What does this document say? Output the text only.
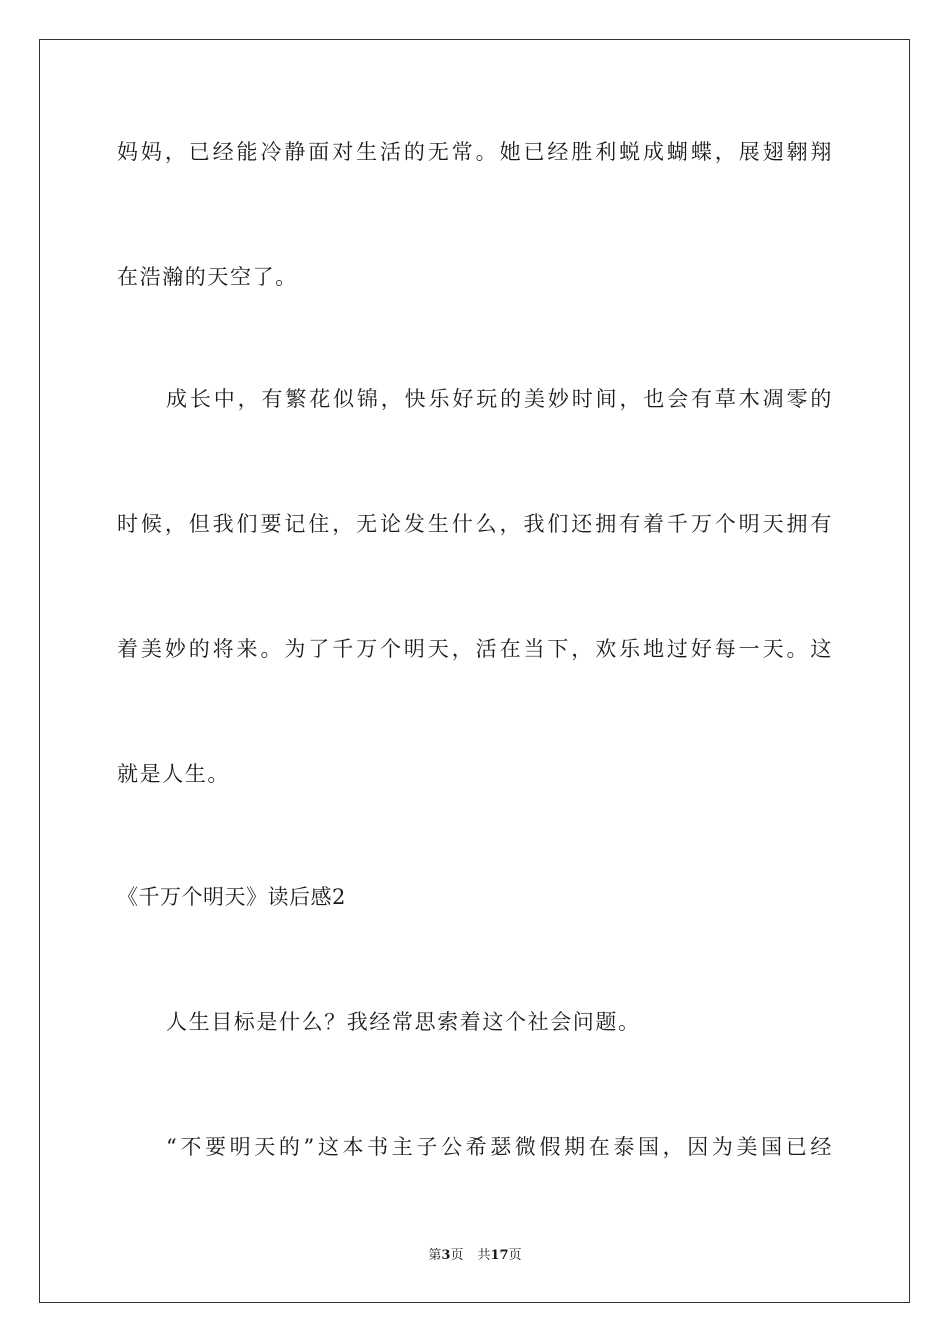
妈妈，已经能冷静面对生活的无常。她已经胜利蜕成蝴蝶，展翅翱翔
在浩瀚的天空了。
成长中，有繁花似锦，快乐好玩的美妙时间，也会有草木凋零的
时候，但我们要记住，无论发生什么，我们还拥有着千万个明天拥有
着美妙的将来。为了千万个明天，活在当下，欢乐地过好每一天。这
就是人生。
《千万个明天》读后感2
人生目标是什么？我经常思索着这个社会问题。
“不要明天的”这本书主子公希瑟微假期在泰国，因为美国已经
第3页 共17页
